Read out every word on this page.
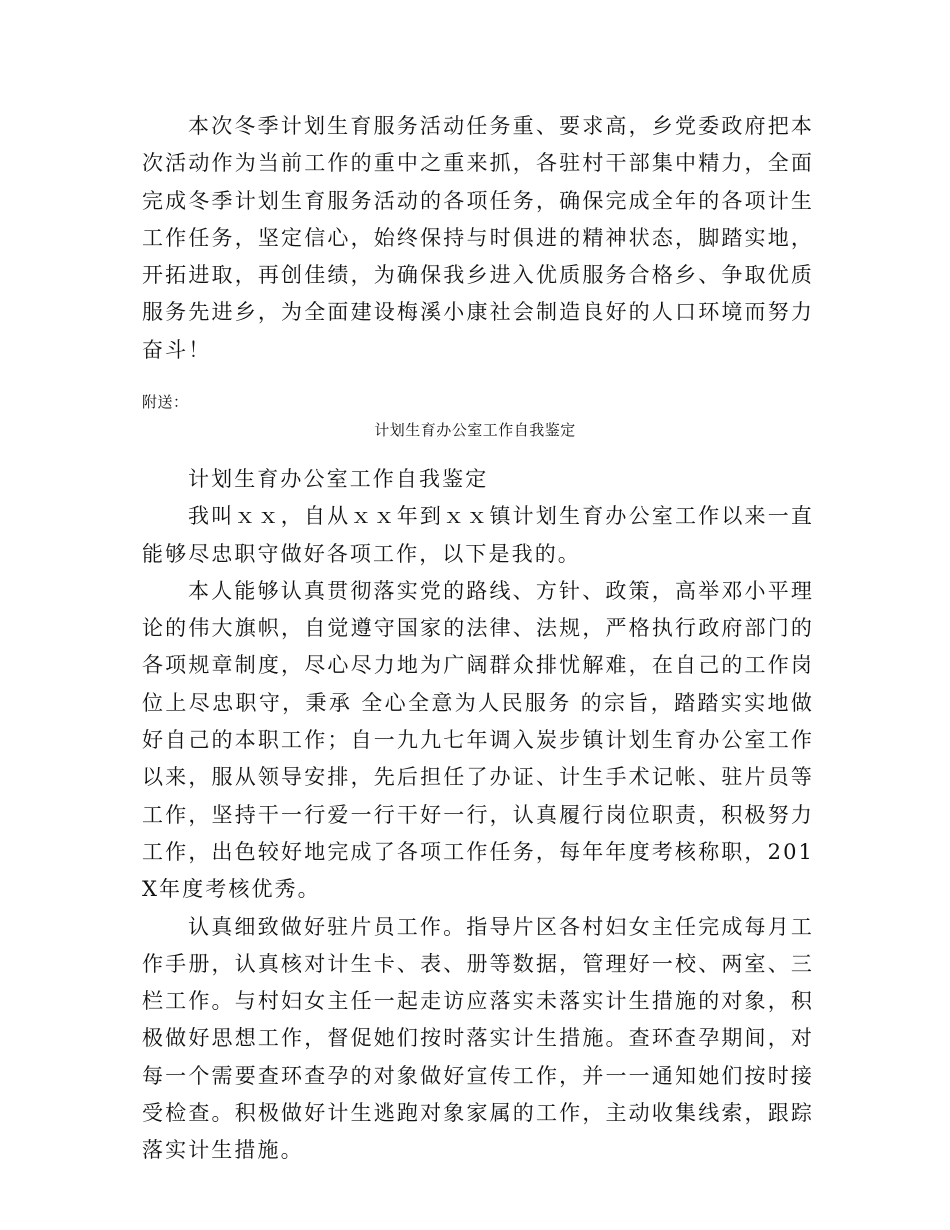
本次冬季计划生育服务活动任务重、要求高，乡党委政府把本次活动作为当前工作的重中之重来抓，各驻村干部集中精力，全面完成冬季计划生育服务活动的各项任务，确保完成全年的各项计生工作任务，坚定信心，始终保持与时俱进的精神状态，脚踏实地，开拓进取，再创佳绩，为确保我乡进入优质服务合格乡、争取优质服务先进乡，为全面建设梅溪小康社会制造良好的人口环境而努力奋斗！

附送：

计划生育办公室工作自我鉴定

计划生育办公室工作自我鉴定

我叫ｘｘ，自从ｘｘ年到ｘｘ镇计划生育办公室工作以来一直能够尽忠职守做好各项工作，以下是我的。

本人能够认真贯彻落实党的路线、方针、政策，高举邓小平理论的伟大旗帜，自觉遵守国家的法律、法规，严格执行政府部门的各项规章制度，尽心尽力地为广阔群众排忧解难，在自己的工作岗位上尽忠职守，秉承 全心全意为人民服务 的宗旨，踏踏实实地做好自己的本职工作；自一九九七年调入炭步镇计划生育办公室工作以来，服从领导安排，先后担任了办证、计生手术记帐、驻片员等工作，坚持干一行爱一行干好一行，认真履行岗位职责，积极努力工作，出色较好地完成了各项工作任务，每年年度考核称职，201X年度考核优秀。

认真细致做好驻片员工作。指导片区各村妇女主任完成每月工作手册，认真核对计生卡、表、册等数据，管理好一校、两室、三栏工作。与村妇女主任一起走访应落实未落实计生措施的对象，积极做好思想工作，督促她们按时落实计生措施。查环查孕期间，对每一个需要查环查孕的对象做好宣传工作，并一一通知她们按时接受检查。积极做好计生逃跑对象家属的工作，主动收集线索，跟踪落实计生措施。
